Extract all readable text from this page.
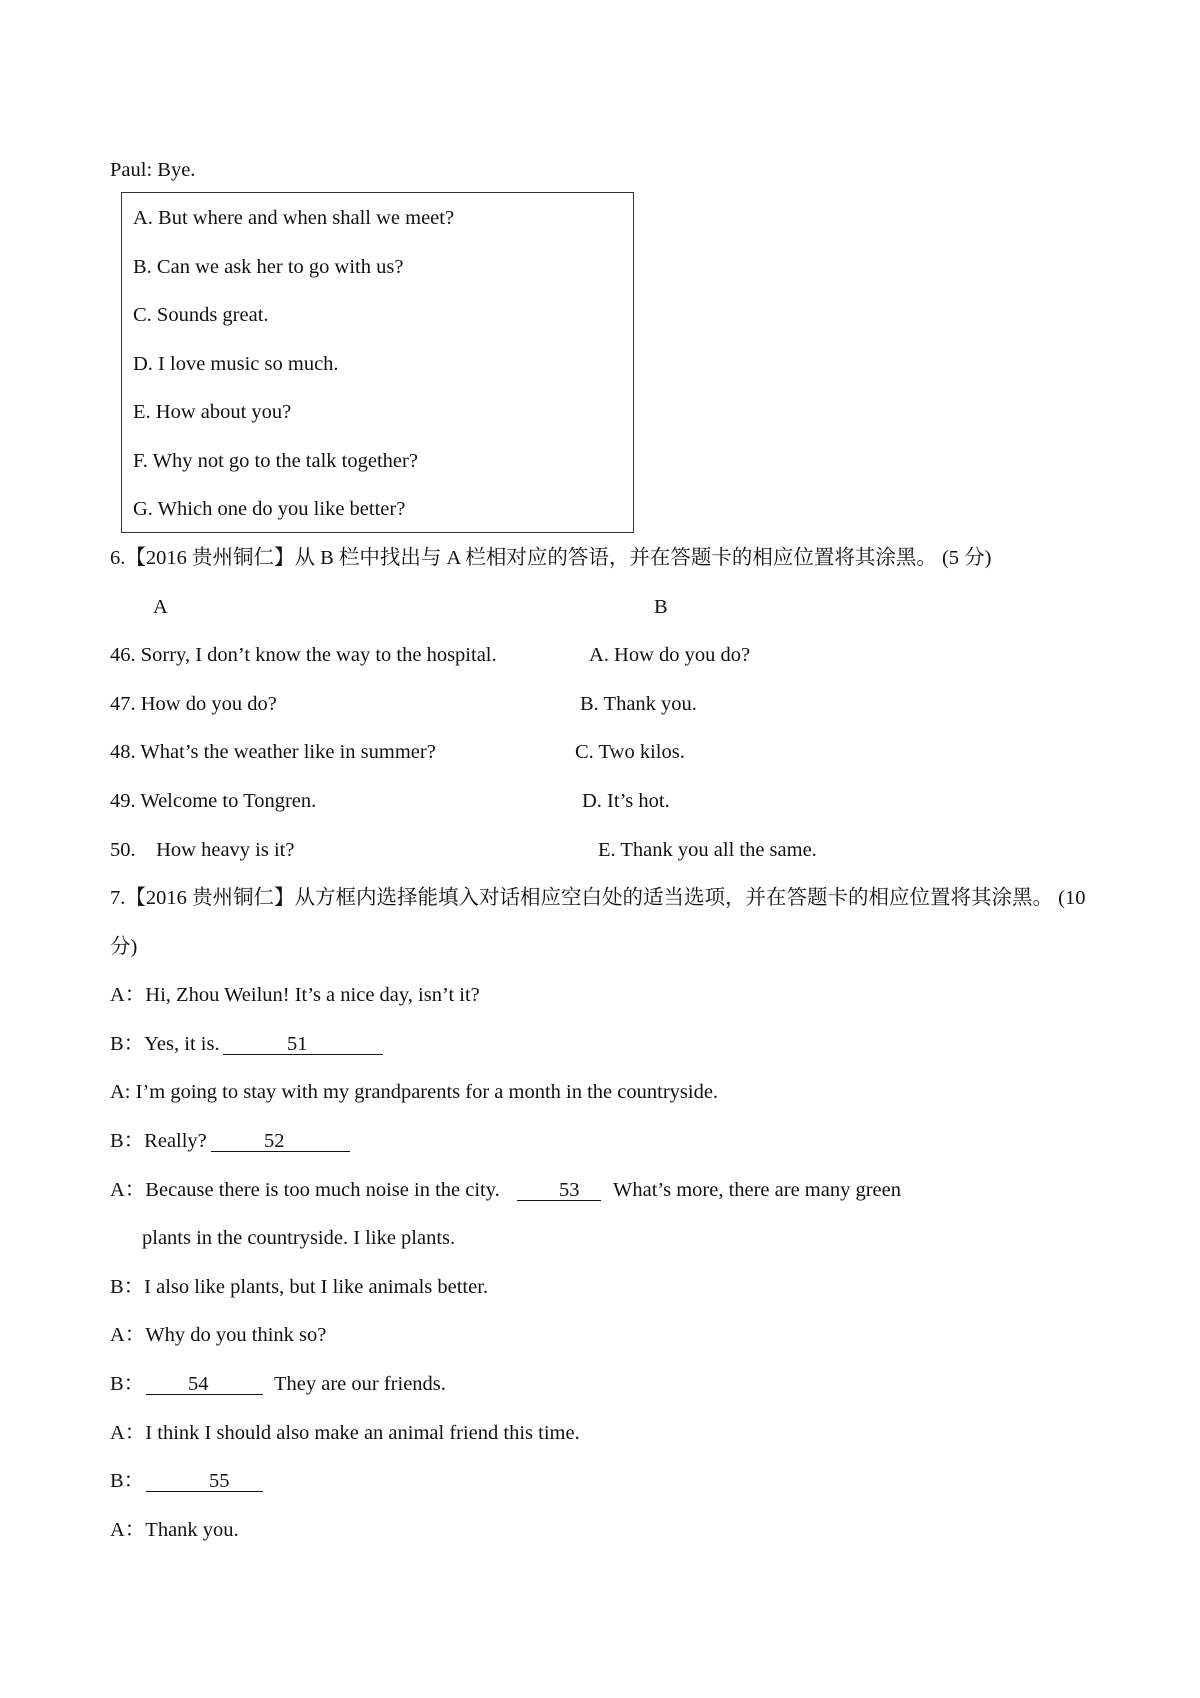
Paul: Bye.
A. But where and when shall we meet?
B. Can we ask her to go with us?
C. Sounds great.
D. I love music so much.
E. How about you?
F. Why not go to the talk together?
G. Which one do you like better?
6.【2016 贵州铜仁】从 B 栏中找出与 A 栏相对应的答语，并在答题卡的相应位置将其涂黑。 (5 分)
A	B
46. Sorry, I don’t know the way to the hospital.	A. How do you do?
47. How do you do?	B. Thank you.
48. What’s the weather like in summer?	C. Two kilos.
49. Welcome to Tongren.	D. It’s hot.
50.    How heavy is it?	E. Thank you all the same.
7.【2016 贵州铜仁】从方框内选择能填入对话相应空白处的适当选项，并在答题卡的相应位置将其涂黑。 (10
分)
A：Hi, Zhou Weilun! It’s a nice day, isn’t it?
B：Yes, it is.	51
A: I’m going to stay with my grandparents for a month in the countryside.
B：Really?	52
A：Because there is too much noise in the city.	53 What’s more, there are many green
plants in the countryside. I like plants.
B：I also like plants, but I like animals better.
A：Why do you think so?
B： 54	They are our friends.
A：I think I should also make an animal friend this time.
B：	55
A：Thank you.
